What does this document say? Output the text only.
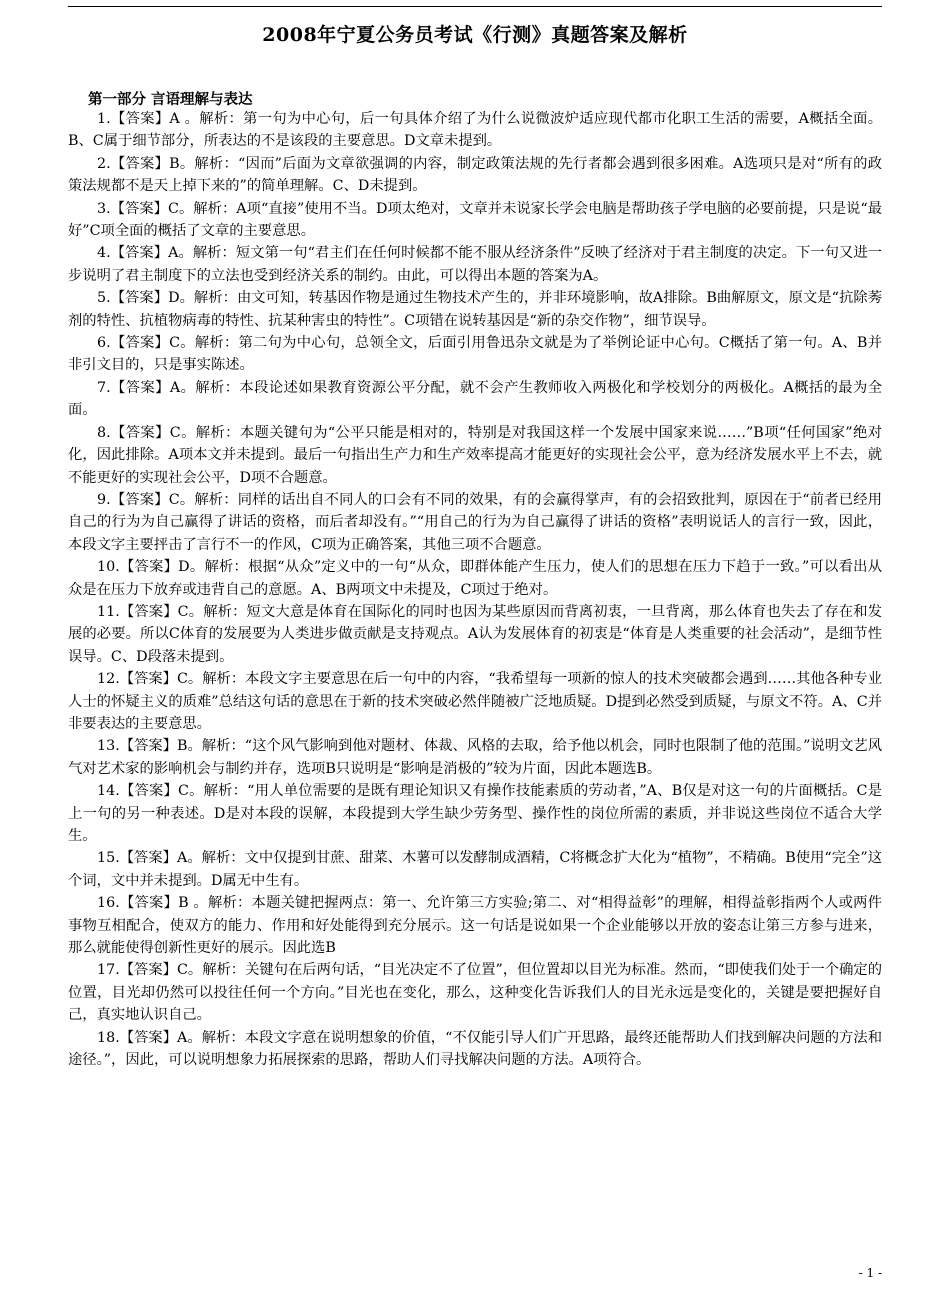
2008年宁夏公务员考试《行测》真题答案及解析
第一部分 言语理解与表达

1.【答案】A 。解析：第一句为中心句，后一句具体介绍了为什么说微波炉适应现代都市化职工生活的需要，A概括全面。B、C属于细节部分，所表达的不是该段的主要意思。D文章未提到。

2.【答案】B。解析：“因而”后面为文章欲强调的内容，制定政策法规的先行者都会遇到很多困难。A选项只是对“所有的政策法规都不是天上掉下来的”的简单理解。C、D未提到。

3.【答案】C。解析：A项“直接”使用不当。D项太绝对，文章并未说家长学会电脑是帮助孩子学电脑的必要前提，只是说“最好”C项全面的概括了文章的主要意思。

4.【答案】A。解析：短文第一句“君主们在任何时候都不能不服从经济条件”反映了经济对于君主制度的决定。下一句又进一步说明了君主制度下的立法也受到经济关系的制约。由此，可以得出本题的答案为A。

5.【答案】D。解析：由文可知，转基因作物是通过生物技术产生的，并非环境影响，故A排除。B曲解原文，原文是“抗除莠剂的特性、抗植物病毒的特性、抗某种害虫的特性”。C项错在说转基因是“新的杂交作物”，细节误导。

6.【答案】C。解析：第二句为中心句，总领全文，后面引用鲁迅杂文就是为了举例论证中心句。C概括了第一句。A、B并非引文目的，只是事实陈述。

7.【答案】A。解析：本段论述如果教育资源公平分配，就不会产生教师收入两极化和学校划分的两极化。A概括的最为全面。

8.【答案】C。解析：本题关键句为“公平只能是相对的，特别是对我国这样一个发展中国家来说……”B项“任何国家”绝对化，因此排除。A项本文并未提到。最后一句指出生产力和生产效率提高才能更好的实现社会公平，意为经济发展水平上不去，就不能更好的实现社会公平，D项不合题意。

9.【答案】C。解析：同样的话出自不同人的口会有不同的效果，有的会赢得掌声，有的会招致批判，原因在于“前者已经用自己的行为为自己赢得了讲话的资格，而后者却没有。”“用自己的行为为自己赢得了讲话的资格”表明说话人的言行一致，因此，本段文字主要抨击了言行不一的作风，C项为正确答案，其他三项不合题意。

10.【答案】D。解析：根据“从众”定义中的一句“从众，即群体能产生压力，使人们的思想在压力下趋于一致。”可以看出从众是在压力下放弃或违背自己的意愿。A、B两项文中未提及，C项过于绝对。

11.【答案】C。解析：短文大意是体育在国际化的同时也因为某些原因而背离初衷，一旦背离，那么体育也失去了存在和发展的必要。所以C体育的发展要为人类进步做贡献是支持观点。A认为发展体育的初衷是“体育是人类重要的社会活动”，是细节性误导。C、D段落未提到。

12.【答案】C。解析：本段文字主要意思在后一句中的内容，“我希望每一项新的惊人的技术突破都会遇到……其他各种专业人士的怀疑主义的质难”总结这句话的意思在于新的技术突破必然伴随被广泛地质疑。D提到必然受到质疑，与原文不符。A、C并非要表达的主要意思。

13.【答案】B。解析：“这个风气影响到他对题材、体裁、风格的去取，给予他以机会，同时也限制了他的范围。”说明文艺风气对艺术家的影响机会与制约并存，选项B只说明是“影响是消极的”较为片面，因此本题选B。

14.【答案】C。解析：“用人单位需要的是既有理论知识又有操作技能素质的劳动者，”A、B仅是对这一句的片面概括。C是上一句的另一种表述。D是对本段的误解，本段提到大学生缺少劳务型、操作性的岗位所需的素质，并非说这些岗位不适合大学生。

15.【答案】A。解析：文中仅提到甘蔗、甜菜、木薯可以发酵制成酒精，C将概念扩大化为“植物”，不精确。B使用“完全”这个词，文中并未提到。D属无中生有。

16.【答案】B 。解析：本题关键把握两点：第一、允许第三方实验;第二、对“相得益彰”的理解，相得益彰指两个人或两件事物互相配合，使双方的能力、作用和好处能得到充分展示。这一句话是说如果一个企业能够以开放的姿态让第三方参与进来，那么就能使得创新性更好的展示。因此选B

17.【答案】C。解析：关键句在后两句话，“目光决定不了位置”，但位置却以目光为标准。然而，“即使我们处于一个确定的位置，目光却仍然可以投往任何一个方向。”目光也在变化，那么，这种变化告诉我们人的目光永远是变化的，关键是要把握好自己，真实地认识自己。

18.【答案】A。解析：本段文字意在说明想象的价值，“不仅能引导人们广开思路，最终还能帮助人们找到解决问题的方法和途径。”，因此，可以说明想象力拓展探索的思路，帮助人们寻找解决问题的方法。A项符合。

- 1 -
